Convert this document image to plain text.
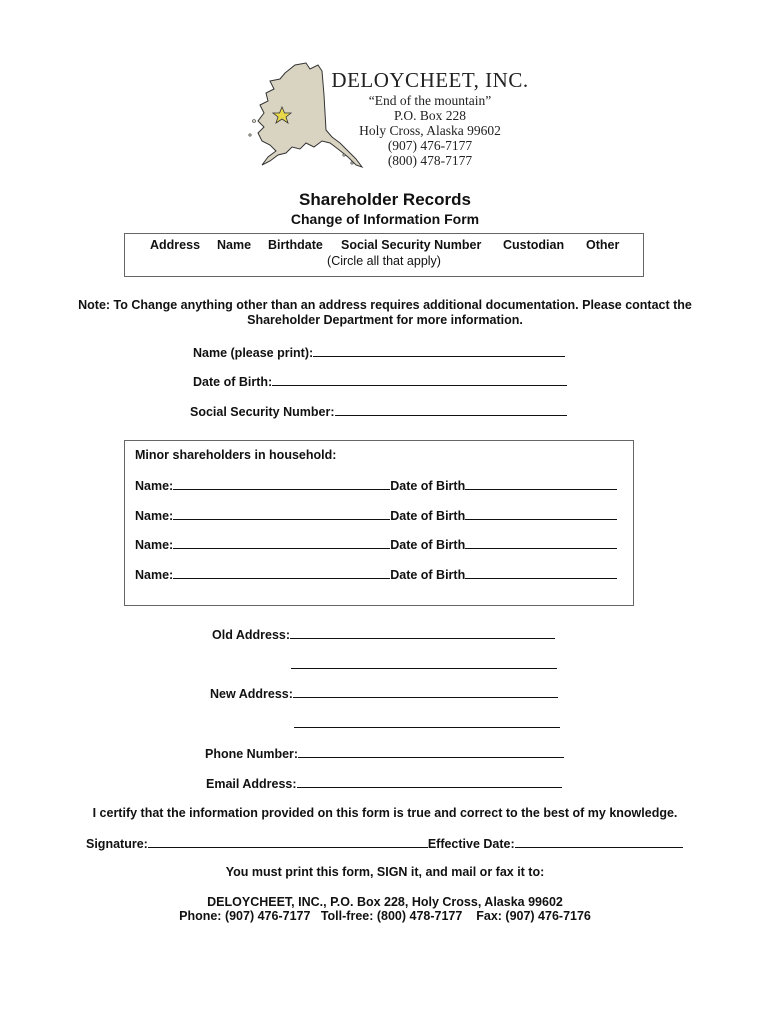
DELOYCHEET, INC.
“End of the mountain”
P.O. Box 228
Holy Cross, Alaska 99602
(907) 476-7177
(800) 478-7177
Shareholder Records
Change of Information Form
Address Name Birthdate Social Security Number Custodian Other
(Circle all that apply)
Note: To Change anything other than an address requires additional documentation. Please contact the
Shareholder Department for more information.
Name (please print):
Date of Birth:
Social Security Number:
Minor shareholders in household:
Name:	Date of Birth
Name:	Date of Birth
Name:	Date of Birth
Name:	Date of Birth
Old Address:
New Address:
Phone Number:
Email Address:
I certify that the information provided on this form is true and correct to the best of my knowledge.
Signature:	Effective Date:
You must print this form, SIGN it, and mail or fax it to:
DELOYCHEET, INC., P.O. Box 228, Holy Cross, Alaska 99602
Phone: (907) 476-7177   Toll-free: (800) 478-7177    Fax: (907) 476-7176
